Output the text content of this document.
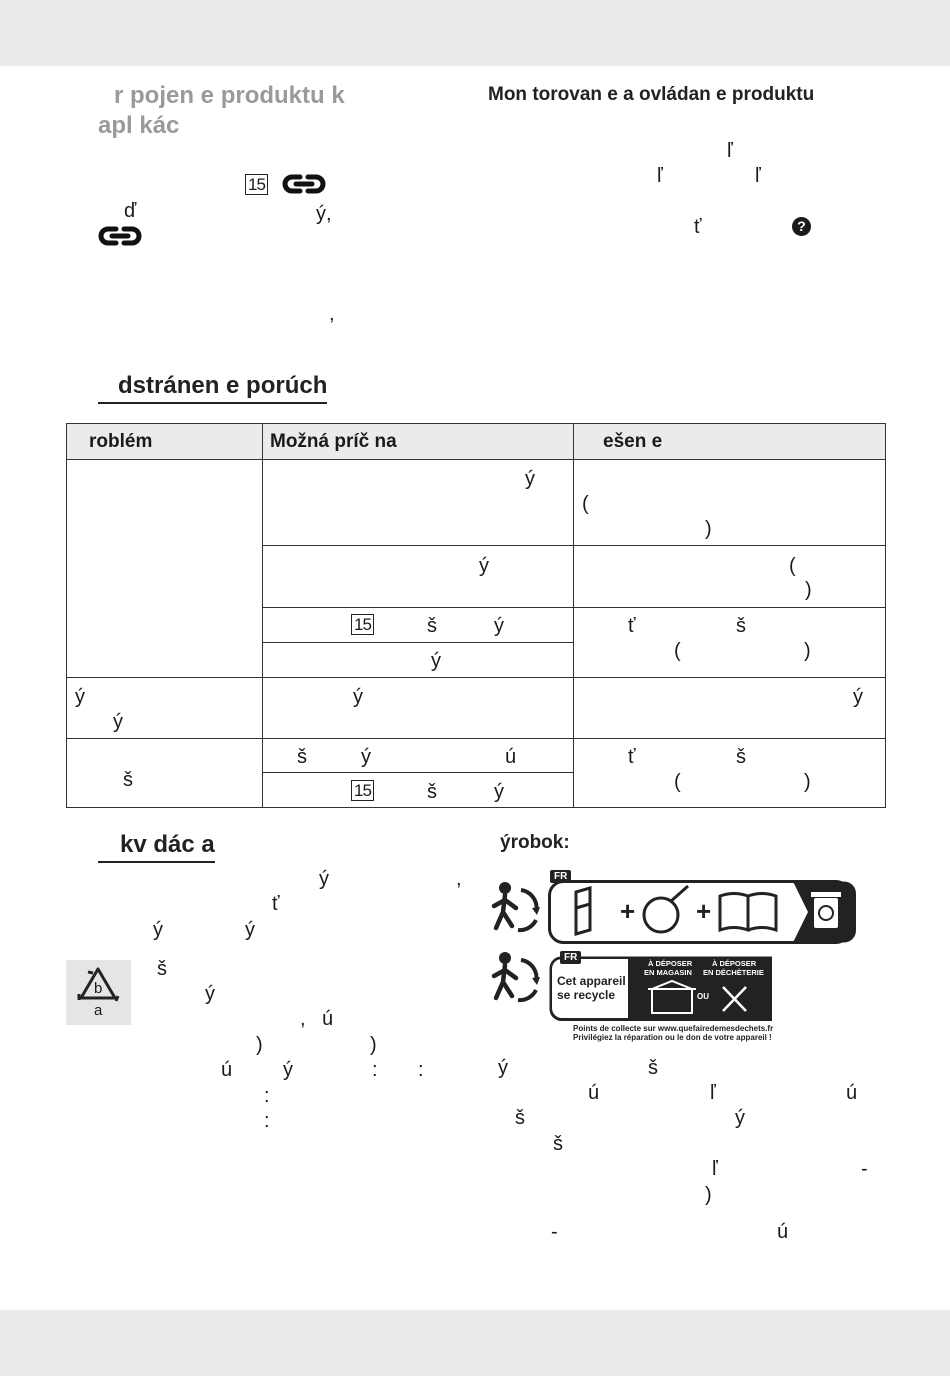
r pojen e produktu k
apl kác
15
ď	ý,
,
Mon torovan e a ovládan e produktu
ľ
ľ	ľ
ť	?
dstránen e porúch
roblém	Možná príč na	ešen e

	ý	(
)

	ý	(
)

	15 š ý	ť š
( )

	ý	

ý
ý	ý	ý

š	š ý ú	ť š
( )

	15 š ý	
kv dác a
ý	,
ť
ý	ý
b
a
š
ý
, ú
)	)
ú	ý	: :
:
:
ýrobok:
+ +
FR
FR
Cet appareil
se recycle
À DÉPOSER
EN MAGASIN
À DÉPOSER
EN DÉCHÈTERIE
OU
Points de collecte sur www.quefairedemesdechets.fr
Privilégiez la réparation ou le don de votre appareil !
ý	š
ú	ľ	ú
š	ý
š
ľ	-
)
-	ú
